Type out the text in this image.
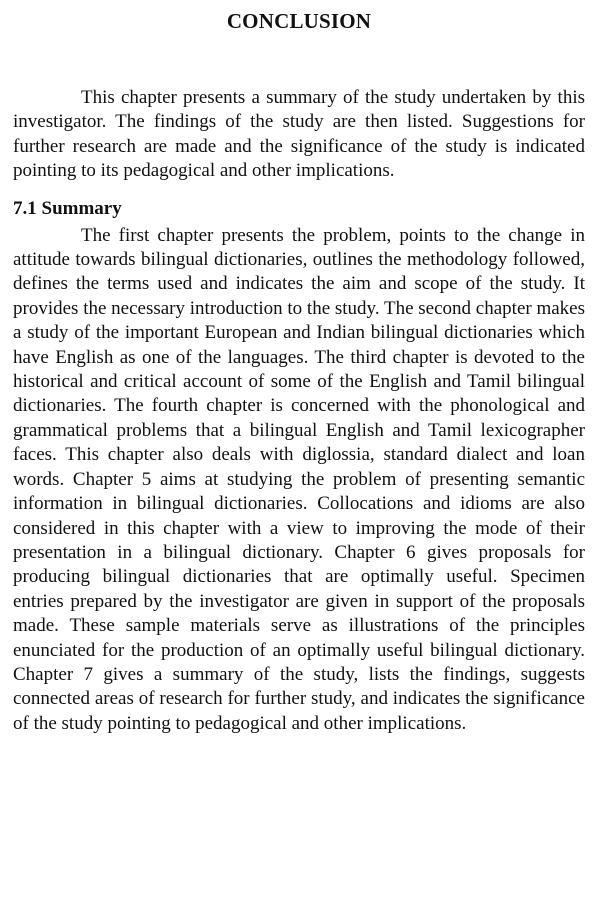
CONCLUSION

This chapter presents a summary of the study undertaken by this investigator. The findings of the study are then listed. Suggestions for further research are made and the significance of the study is indicated pointing to its pedagogical and other implications.

7.1 Summary

The first chapter presents the problem, points to the change in attitude towards bilingual dictionaries, outlines the methodology followed, defines the terms used and indicates the aim and scope of the study. It provides the necessary introduction to the study. The second chapter makes a study of the important European and Indian bilingual dictionaries which have English as one of the languages. The third chapter is devoted to the historical and critical account of some of the English and Tamil bilingual dictionaries. The fourth chapter is concerned with the phonological and grammatical problems that a bilingual English and Tamil lexicographer faces. This chapter also deals with diglossia, standard dialect and loan words. Chapter 5 aims at studying the problem of presenting semantic information in bilingual dictionaries. Collocations and idioms are also considered in this chapter with a view to improving the mode of their presentation in a bilingual dictionary. Chapter 6 gives proposals for producing bilingual dictionaries that are optimally useful. Specimen entries prepared by the investigator are given in support of the proposals made. These sample materials serve as illustrations of the principles enunciated for the production of an optimally useful bilingual dictionary. Chapter 7 gives a summary of the study, lists the findings, suggests connected areas of research for further study, and indicates the significance of the study pointing to pedagogical and other implications.
